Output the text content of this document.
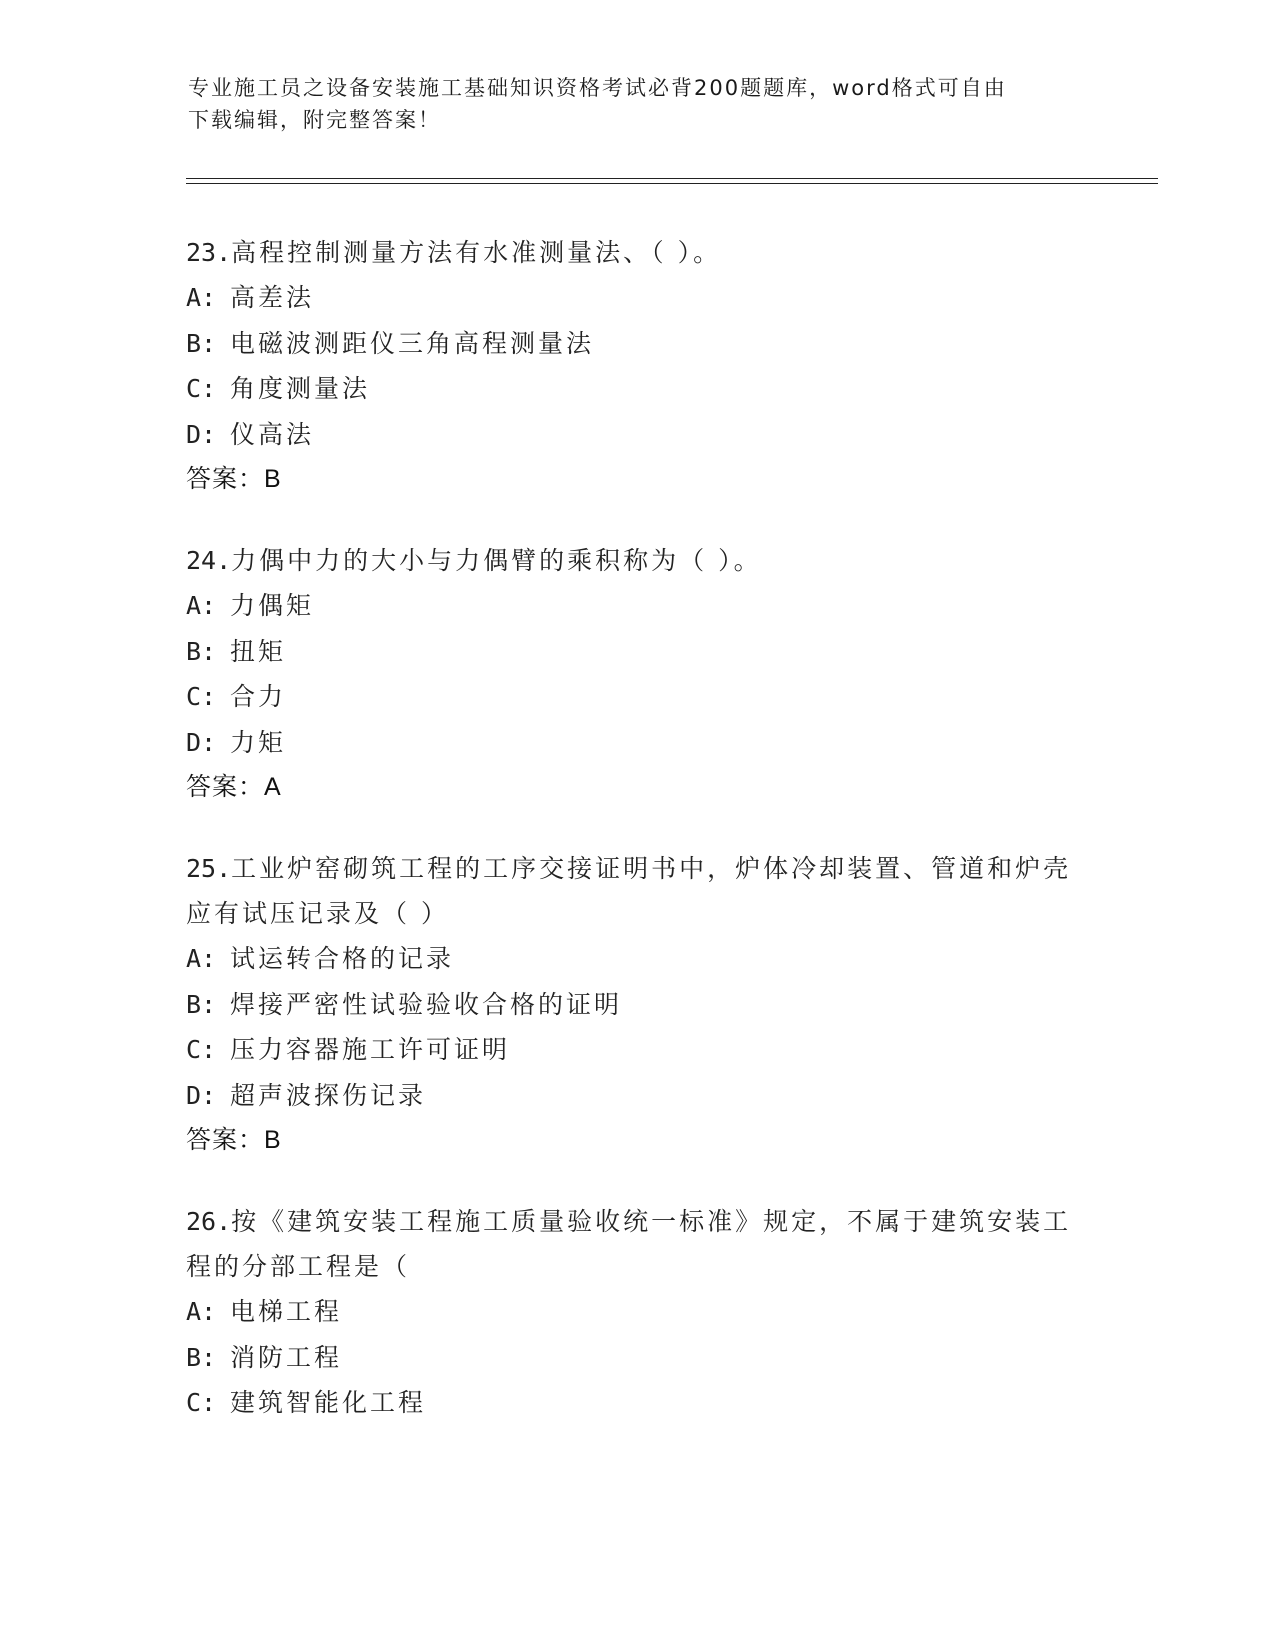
专业施工员之设备安装施工基础知识资格考试必背200题题库，word格式可自由
下载编辑，附完整答案！
23.高程控制测量方法有水准测量法、（ ）。
A: 高差法
B: 电磁波测距仪三角高程测量法
C: 角度测量法
D: 仪高法
答案：B
24.力偶中力的大小与力偶臂的乘积称为（ ）。
A: 力偶矩
B: 扭矩
C: 合力
D: 力矩
答案：A
25.工业炉窑砌筑工程的工序交接证明书中，炉体冷却装置、管道和炉壳应有试压记录及（ ）
A: 试运转合格的记录
B: 焊接严密性试验验收合格的证明
C: 压力容器施工许可证明
D: 超声波探伤记录
答案：B
26.按《建筑安装工程施工质量验收统一标准》规定，不属于建筑安装工程的分部工程是（
A: 电梯工程
B: 消防工程
C: 建筑智能化工程
